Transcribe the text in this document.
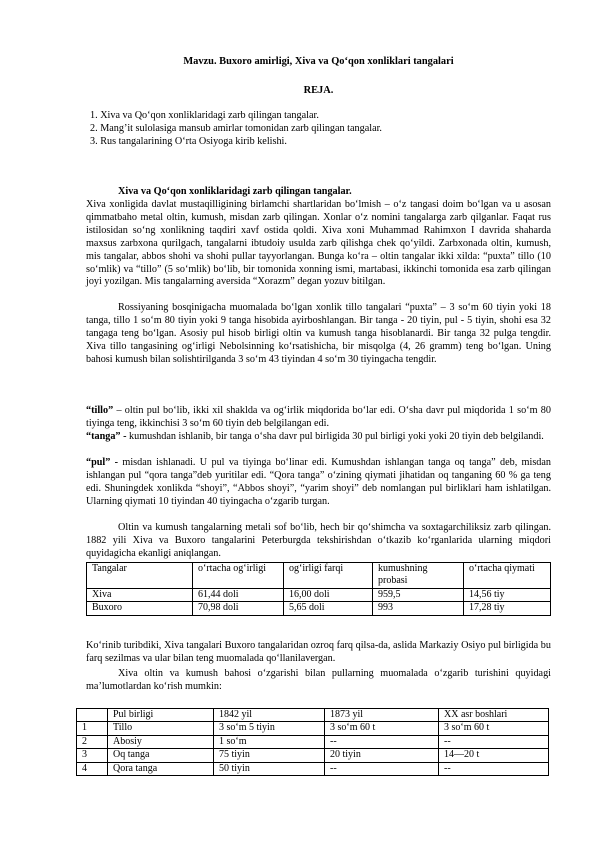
Mavzu. Buxoro amirligi, Xiva va Qo‘qon xonliklari tangalari
REJA.
1. Xiva va Qo‘qon xonliklaridagi zarb qilingan tangalar.
2. Mang’it sulolasiga mansub amirlar tomonidan zarb qilingan tangalar.
3. Rus tangalarining O‘rta Osiyoga kirib kelishi.
Xiva va Qo‘qon xonliklaridagi zarb qilingan tangalar.
Xiva xonligida davlat mustaqilligining birlamchi shartlaridan bo‘lmish – o‘z tangasi doim bo‘lgan va u asosan qimmatbaho metal oltin, kumush, misdan zarb qilingan. Xonlar o‘z nomini tangalarga zarb qilganlar. Faqat rus istilosidan so‘ng xonlikning taqdiri xavf ostida qoldi. Xiva xoni Muhammad Rahimxon I davrida shaharda maxsus zarbxona qurilgach, tangalarni ibtudoiy usulda zarb qilishga chek qo‘yildi. Zarbxonada oltin, kumush, mis tangalar, abbos shohi va shohi pullar tayyorlangan. Bunga ko‘ra – oltin tangalar ikki xilda: “puxta” tillo (10 so‘mlik) va “tillo” (5 so‘mlik) bo‘lib, bir tomonida xonning ismi, martabasi, ikkinchi tomonida esa zarb qilingan joyi yozilgan. Mis tangalarning aversida “Xorazm” degan yozuv bitilgan.
Rossiyaning bosqinigacha muomalada bo‘lgan xonlik tillo tangalari “puxta” – 3 so‘m 60 tiyin yoki 18 tanga, tillo 1 so‘m 80 tiyin yoki 9 tanga hisobida ayirboshlangan. Bir tanga - 20 tiyin, pul - 5 tiyin, shohi esa 32 tangaga teng bo‘lgan. Asosiy pul hisob birligi oltin va kumush tanga hisoblanardi. Bir tanga 32 pulga tengdir. Xiva tillo tangasining og‘irligi Nebolsinning ko‘rsatishicha, bir misqolga (4, 26 gramm) teng bo‘lgan. Uning bahosi kumush bilan solishtirilganda 3 so‘m 43 tiyindan 4 so‘m 30 tiyingacha tengdir.
“tillo” – oltin pul bo‘lib, ikki xil shaklda va og‘irlik miqdorida bo‘lar edi. O‘sha davr pul miqdorida 1 so‘m 80 tiyinga teng, ikkinchisi 3 so‘m 60 tiyin deb belgilangan edi.
“tanga” - kumushdan ishlanib, bir tanga o‘sha davr pul birligida 30 pul birligi yoki yoki 20 tiyin deb belgilandi.
“pul” - misdan ishlanadi. U pul va tiyinga bo‘linar edi. Kumushdan ishlangan tanga oq tanga” deb, misdan ishlangan pul “qora tanga”deb yuritilar edi. “Qora tanga” o‘zining qiymati jihatidan oq tanganing 60 % ga teng edi. Shuningdek xonlikda “shoyi”, “Abbos shoyi”, “yarim shoyi” deb nomlangan pul birliklari ham ishlatilgan. Ularning qiymati 10 tiyindan 40 tiyingacha o‘zgarib turgan.
Oltin va kumush tangalarning metali sof bo‘lib, hech bir qo‘shimcha va soxtagarchiliksiz zarb qilingan. 1882 yili Xiva va Buxoro tangalarini Peterburgda tekshirishdan o‘tkazib ko‘rganlarida ularning miqdori quyidagicha ekanligi aniqlangan.
Tangalar	o‘rtacha og‘irligi	og‘irligi farqi	kumushning probasi	o‘rtacha qiymati
Xiva	61,44 doli	16,00 doli	959,5	14,56 tiy
Buxoro	70,98 doli	5,65 doli	993	17,28 tiy
Ko‘rinib turibdiki, Xiva tangalari Buxoro tangalaridan ozroq farq qilsa-da, aslida Markaziy Osiyo pul birligida bu farq sezilmas va ular bilan teng muomalada qo‘llanilavergan.
Xiva oltin va kumush bahosi o‘zgarishi bilan pullarning muomalada o‘zgarib turishini quyidagi ma’lumotlardan ko‘rish mumkin:
	Pul birligi	1842 yil	1873 yil	XX asr boshlari
1	Tillo	3 so‘m 5 tiyin	3 so‘m 60 t	3 so‘m 60 t
2	Abosiy	1 so‘m	--	--
3	Oq tanga	75 tiyin	20 tiyin	14—20 t
4	Qora tanga	50 tiyin	--	--
